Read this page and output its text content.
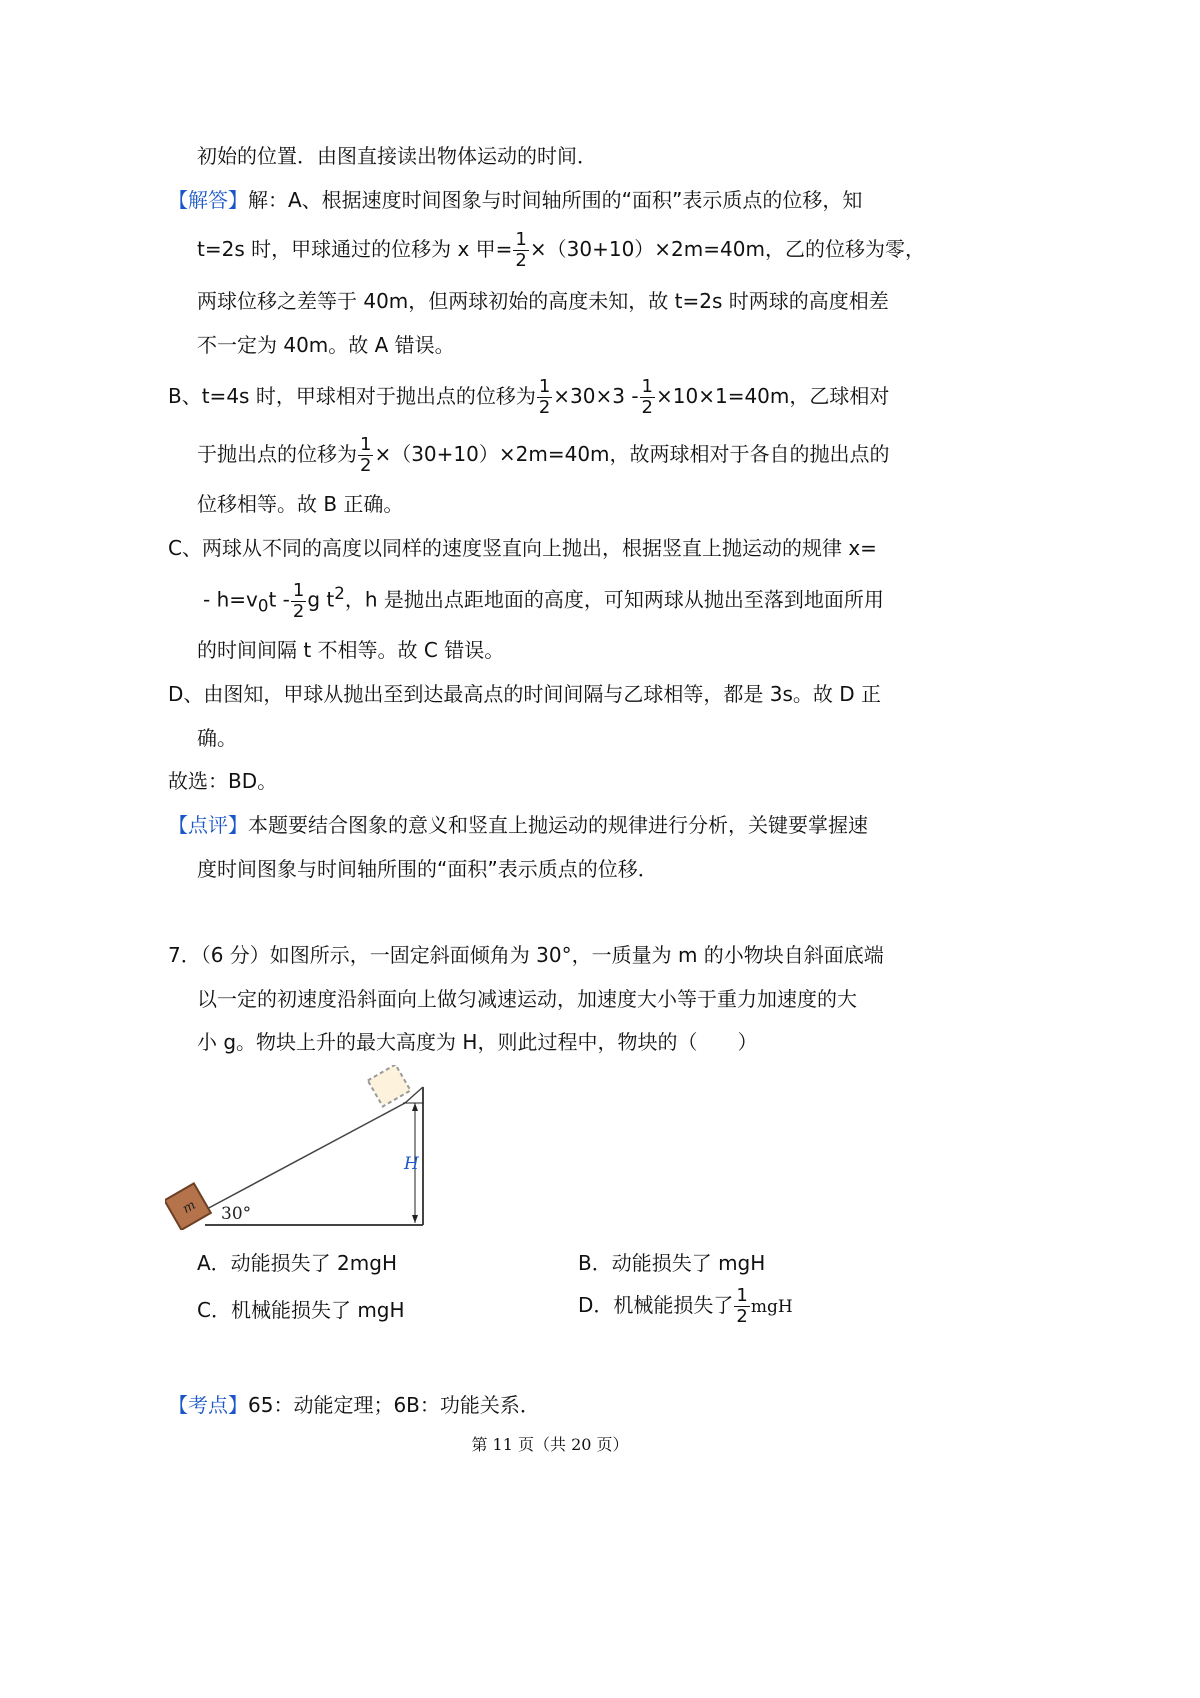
初始的位置．由图直接读出物体运动的时间．
【解答】解：A、根据速度时间图象与时间轴所围的“面积”表示质点的位移，知
t=2s 时，甲球通过的位移为 x 甲= $\frac{1}{2} \times(30+10)\times 2m=40m$，乙的位移为零，
两球位移之差等于 40m，但两球初始的高度未知，故 t=2s 时两球的高度相差
不一定为 40m。故 A 错误。
B、t=4s 时，甲球相对于抛出点的位移为 $\frac{1}{2} \times 30\times 3 - \frac{1}{2} \times 10\times 1=40m$，乙球相对
于抛出点的位移为 $\frac{1}{2} \times(30+10)\times 2m=40m$，故两球相对于各自的抛出点的
位移相等。故 B 正确。
C、两球从不同的高度以同样的速度竖直向上抛出，根据竖直上抛运动的规律 x=
- $h=v_0t - \frac{1}{2}$ g $t^2$，h 是抛出点距地面的高度，可知两球从抛出至落到地面所用
的时间间隔 t 不相等。故 C 错误。
D、由图知，甲球从抛出至到达最高点的时间间隔与乙球相等，都是 3s。故 D 正
确。
故选：BD。
【点评】本题要结合图象的意义和竖直上抛运动的规律进行分析，关键要掌握速
度时间图象与时间轴所围的“面积”表示质点的位移．
7．（6 分）如图所示，一固定斜面倾角为 30°，一质量为 m 的小物块自斜面底端
以一定的初速度沿斜面向上做匀减速运动，加速度大小等于重力加速度的大
小 g。物块上升的最大高度为 H，则此过程中，物块的（　　）
m 30°
H
A．动能损失了 2mgH	B．动能损失了 mgH
C．机械能损失了 mgH	D．机械能损失了 $\frac{1}{2}$ mgH
【考点】65：动能定理；6B：功能关系．
第 11 页（共 20 页）
